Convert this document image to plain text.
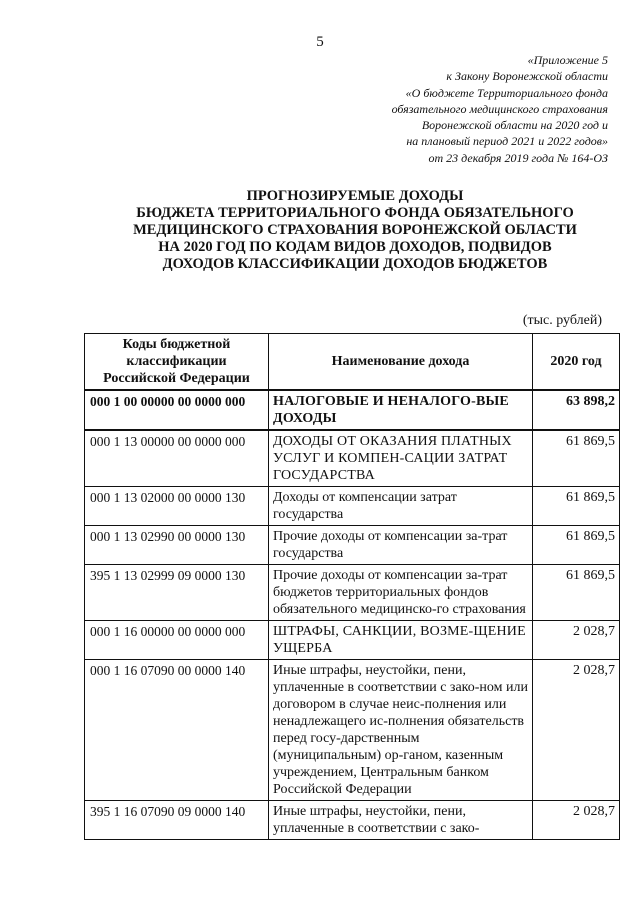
5
«Приложение 5
к Закону Воронежской области
«О бюджете Территориального фонда
обязательного медицинского страхования
Воронежской области на 2020 год и
на плановый период 2021 и 2022 годов»
от 23 декабря 2019 года № 164-ОЗ
ПРОГНОЗИРУЕМЫЕ ДОХОДЫ
БЮДЖЕТА ТЕРРИТОРИАЛЬНОГО ФОНДА ОБЯЗАТЕЛЬНОГО
МЕДИЦИНСКОГО СТРАХОВАНИЯ ВОРОНЕЖСКОЙ ОБЛАСТИ
НА 2020 ГОД ПО КОДАМ ВИДОВ ДОХОДОВ, ПОДВИДОВ
ДОХОДОВ КЛАССИФИКАЦИИ ДОХОДОВ БЮДЖЕТОВ
(тыс. рублей)
Коды бюджетной классификации Российской Федерации	Наименование дохода	2020 год
000 1 00 00000 00 0000 000	НАЛОГОВЫЕ И НЕНАЛОГО-ВЫЕ ДОХОДЫ	63 898,2
000 1 13 00000 00 0000 000	ДОХОДЫ ОТ ОКАЗАНИЯ ПЛАТНЫХ УСЛУГ И КОМПЕН-САЦИИ ЗАТРАТ ГОСУДАРСТВА	61 869,5
000 1 13 02000 00 0000 130	Доходы от компенсации затрат государства	61 869,5
000 1 13 02990 00 0000 130	Прочие доходы от компенсации за-трат государства	61 869,5
395 1 13 02999 09 0000 130	Прочие доходы от компенсации за-трат бюджетов территориальных фондов обязательного медицинско-го страхования	61 869,5
000 1 16 00000 00 0000 000	ШТРАФЫ, САНКЦИИ, ВОЗМЕ-ЩЕНИЕ УЩЕРБА	2 028,7
000 1 16 07090 00 0000 140	Иные штрафы, неустойки, пени, уплаченные в соответствии с зако-ном или договором в случае неис-полнения или ненадлежащего ис-полнения обязательств перед госу-дарственным (муниципальным) ор-ганом, казенным учреждением, Центральным банком Российской Федерации	2 028,7
395 1 16 07090 09 0000 140	Иные штрафы, неустойки, пени, уплаченные в соответствии с зако-	2 028,7
